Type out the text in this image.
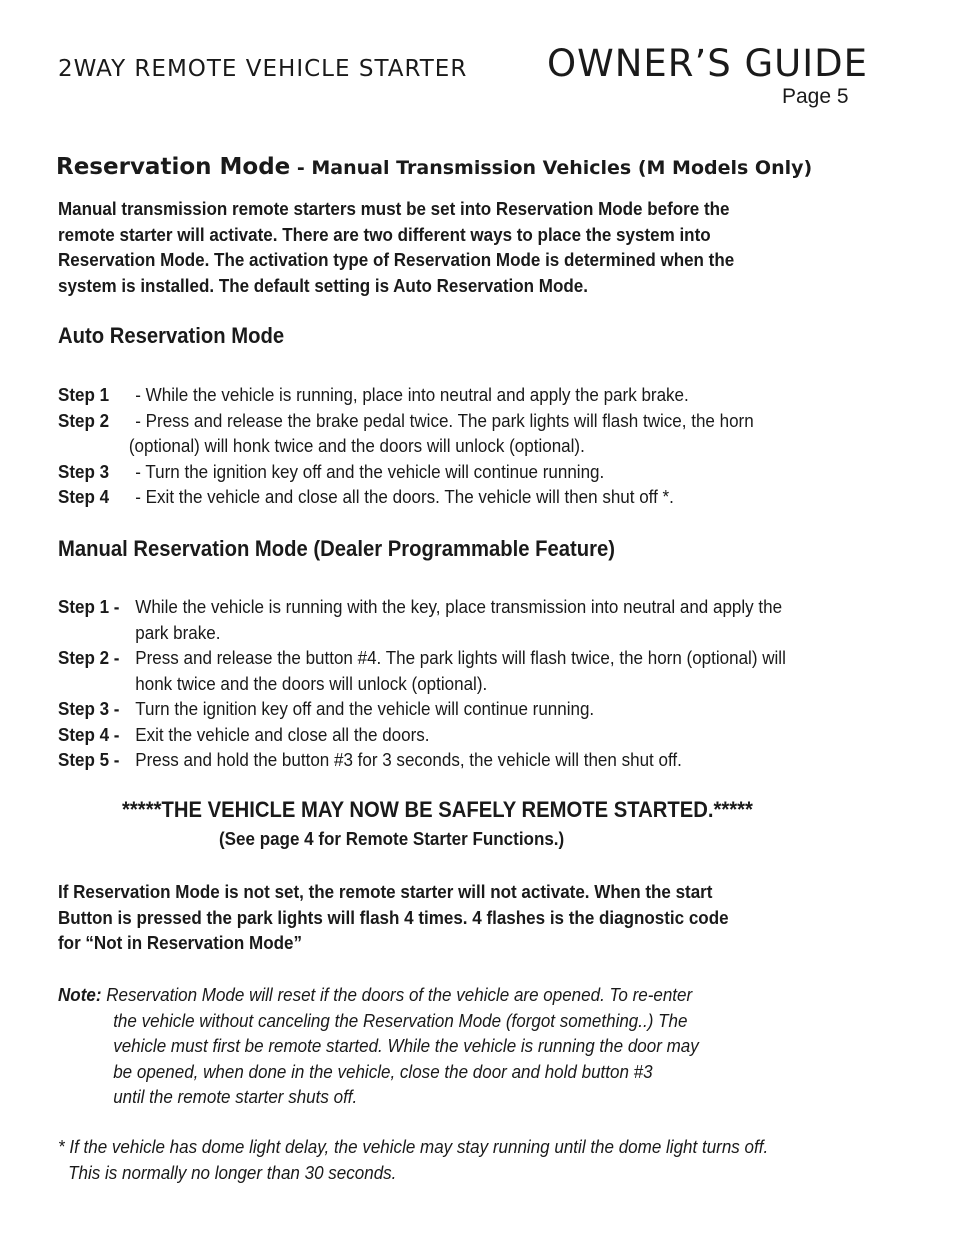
2WAY REMOTE VEHICLE STARTER OWNER’S GUIDE
Page 5
Reservation Mode - Manual Transmission Vehicles (M Models Only)
Manual transmission remote starters must be set into Reservation Mode before the
remote starter will activate. There are two different ways to place the system into
Reservation Mode. The activation type of Reservation Mode is determined when the
system is installed. The default setting is Auto Reservation Mode.
Auto Reservation Mode
Step 1 - While the vehicle is running, place into neutral and apply the park brake.
Step 2 - Press and release the brake pedal twice. The park lights will flash twice, the horn
(optional) will honk twice and the doors will unlock (optional).
Step 3 - Turn the ignition key off and the vehicle will continue running.
Step 4 - Exit the vehicle and close all the doors. The vehicle will then shut off *.
Manual Reservation Mode (Dealer Programmable Feature)
Step 1 - While the vehicle is running with the key, place transmission into neutral and apply the
park brake.
Step 2 - Press and release the button #4. The park lights will flash twice, the horn (optional) will
honk twice and the doors will unlock (optional).
Step 3 - Turn the ignition key off and the vehicle will continue running.
Step 4 - Exit the vehicle and close all the doors.
Step 5 - Press and hold the button #3 for 3 seconds, the vehicle will then shut off.
*****THE VEHICLE MAY NOW BE SAFELY REMOTE STARTED.*****
(See page 4 for Remote Starter Functions.)
If Reservation Mode is not set, the remote starter will not activate. When the start
Button is pressed the park lights will flash 4 times. 4 flashes is the diagnostic code
for “Not in Reservation Mode”
Note: Reservation Mode will reset if the doors of the vehicle are opened. To re-enter
the vehicle without canceling the Reservation Mode (forgot something..) The
vehicle must first be remote started. While the vehicle is running the door may
be opened, when done in the vehicle, close the door and hold button #3
until the remote starter shuts off.
* If the vehicle has dome light delay, the vehicle may stay running until the dome light turns off.
This is normally no longer than 30 seconds.
